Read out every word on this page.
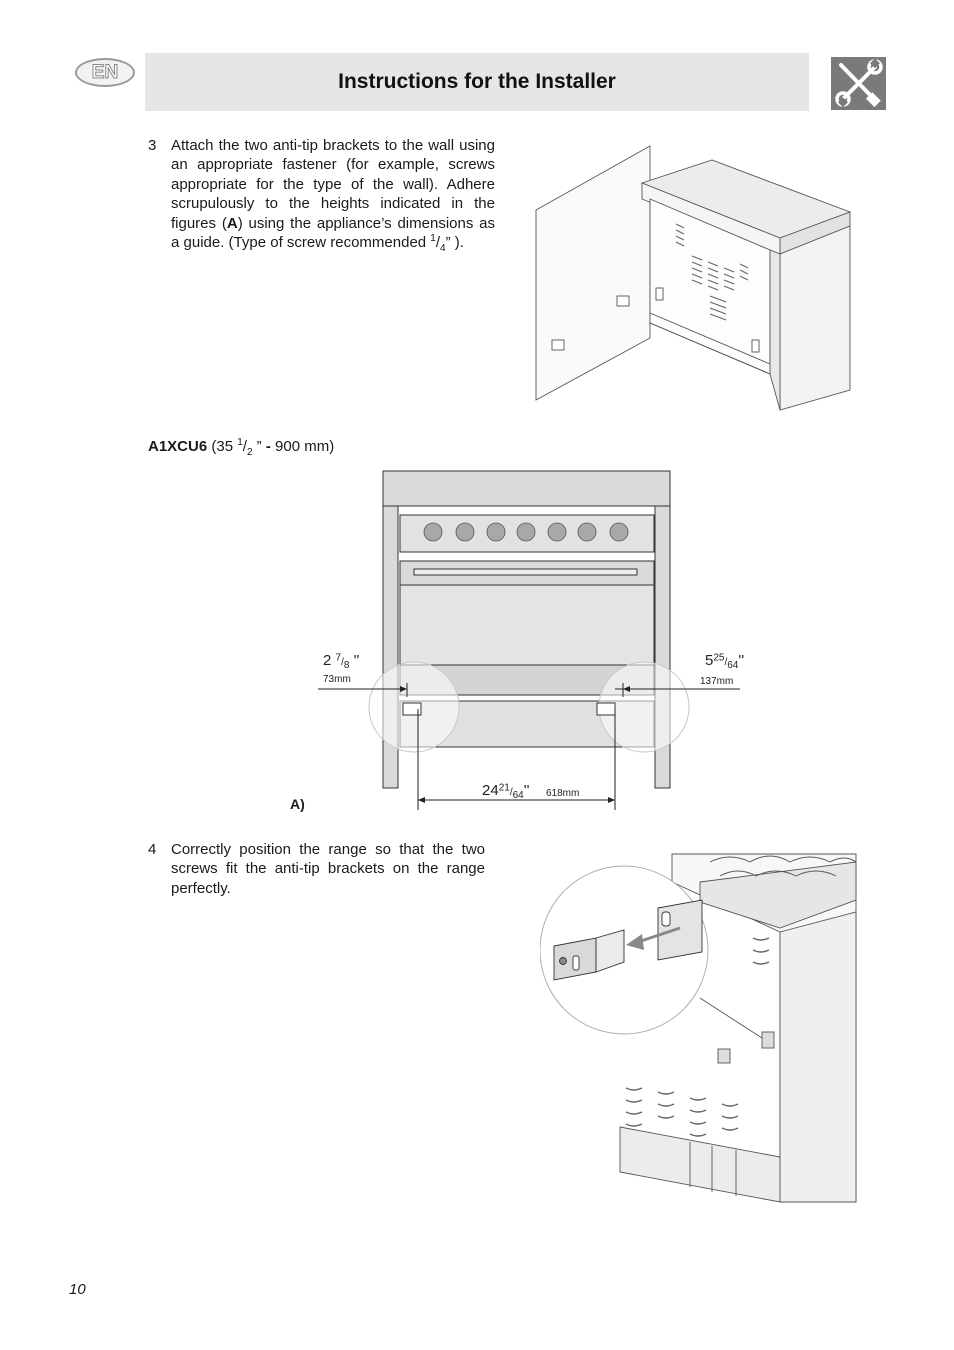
EN	Instructions for the Installer
3 Attach the two anti-tip brackets to the wall using an appropriate fastener (for example, screws appropriate for the type of the wall). Adhere scrupulously to the heights indicated in the figures (A) using the appliance’s dimensions as a guide. (Type of screw recommended $^1/_4$” ).
A1XCU6 (35 $^1/_2$ ” - 900 mm)
2 $^7/_8$ ''
73mm
$5^{25}/_{64}''$
137mm
$24^{21}/_{64}''$ 618mm
A)
4 Correctly position the range so that the two screws fit the anti-tip brackets on the range perfectly.
10
